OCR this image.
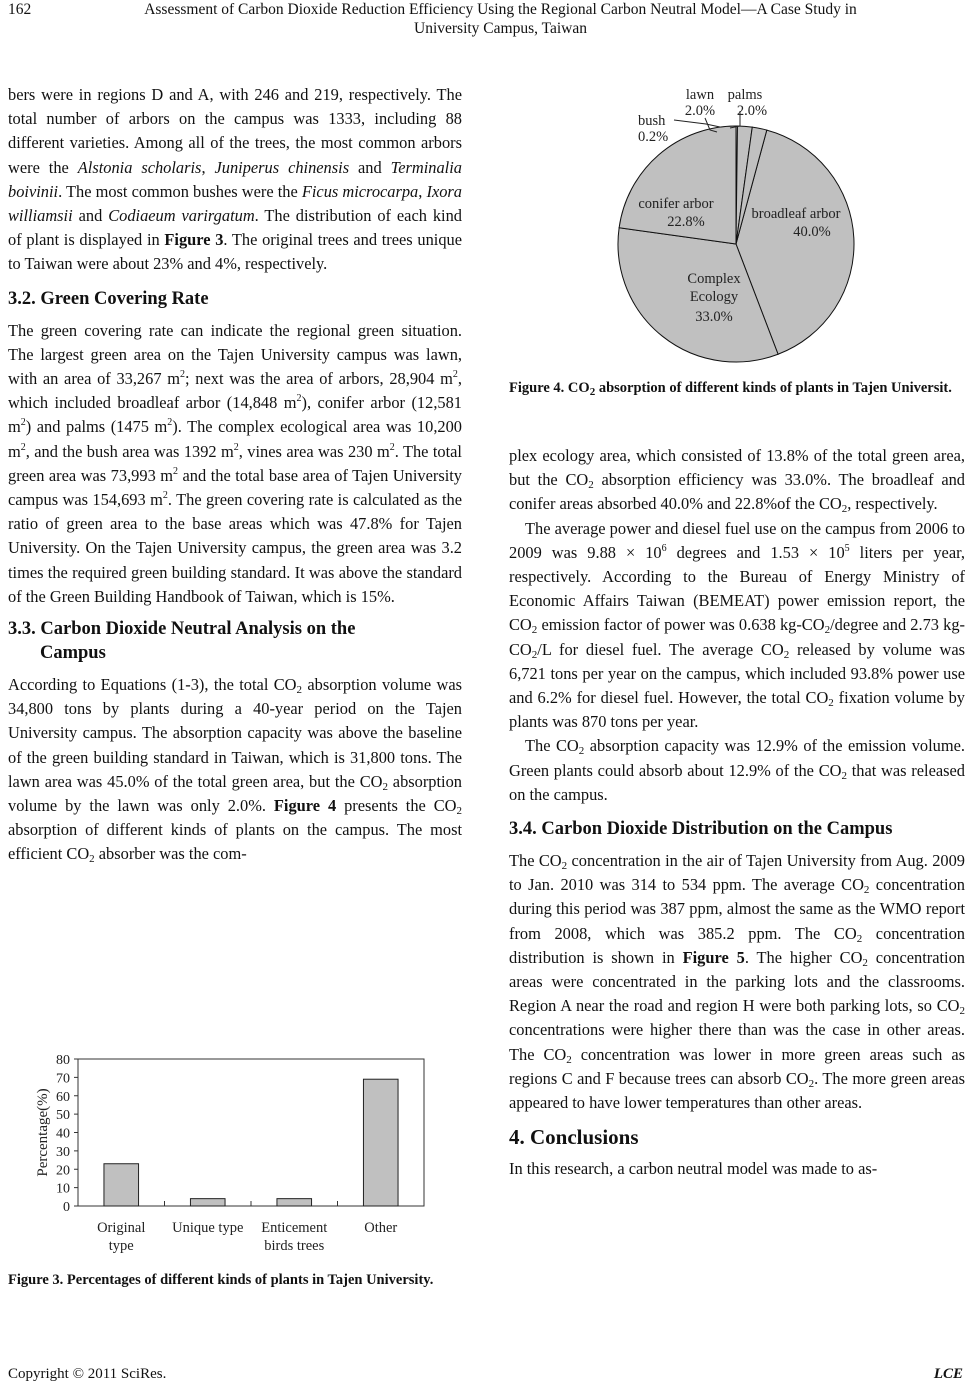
162	Assessment of Carbon Dioxide Reduction Efficiency Using the Regional Carbon Neutral Model—A Case Study in
University Campus, Taiwan

bers were in regions D and A, with 246 and 219, respectively. The total number of arbors on the campus was 1333, including 88 different varieties. Among all of the trees, the most common arbors were the Alstonia scholaris, Juniperus chinensis and Terminalia boivinii. The most common bushes were the Ficus microcarpa, Ixora williamsii and Codiaeum varirgatum. The distribution of each kind of plant is displayed in Figure 3. The original trees and trees unique to Taiwan were about 23% and 4%, respectively.

3.2. Green Covering Rate

The green covering rate can indicate the regional green situation. The largest green area on the Tajen University campus was lawn, with an area of 33,267 $m^2$; next was the area of arbors, 28,904 $m^2$, which included broadleaf arbor (14,848 $m^2$), conifer arbor (12,581 $m^2$) and palms (1475 $m^2$). The complex ecological area was 10,200 $m^2$, and the bush area was 1392 $m^2$, vines area was 230 $m^2$. The total green area was 73,993 $m^2$ and the total base area of Tajen University campus was 154,693 $m^2$. The green covering rate is calculated as the ratio of green area to the base areas which was 47.8% for Tajen University. On the Tajen University campus, the green area was 3.2 times the required green building standard. It was above the standard of the Green Building Handbook of Taiwan, which is 15%.

3.3. Carbon Dioxide Neutral Analysis on the
Campus

According to Equations (1-3), the total $CO_2$ absorption volume was 34,800 tons by plants during a 40-year period on the Tajen University campus. The absorption capacity was above the baseline of the green building standard in Taiwan, which is 31,800 tons. The lawn area was 45.0% of the total green area, but the $CO_2$ absorption volume by the lawn was only 2.0%. Figure 4 presents the $CO_2$ absorption of different kinds of plants on the campus. The most efficient $CO_2$ absorber was the com-

0
10
20
30
40
50
60
70
80
Percentage(%)
Original
type
Unique type Enticement
birds trees
Other
Figure 3. Percentages of different kinds of plants in Tajen University.
broadleaf arbor
40.0%
Complex
Ecology
33.0%
conifer arbor
22.8%
bush
0.2%
lawn
2.0%
palms
2.0%
Figure 4. $CO_2$ absorption of different kinds of plants in Tajen Universit.

plex ecology area, which consisted of 13.8% of the total green area, but the $CO_2$ absorption efficiency was 33.0%. The broadleaf and conifer areas absorbed 40.0% and 22.8%of the $CO_2$, respectively.

The average power and diesel fuel use on the campus from 2006 to 2009 was $9.88 \times 10^6$ degrees and $1.53 \times 10^5$ liters per year, respectively. According to the Bureau of Energy Ministry of Economic Affairs Taiwan (BEMEAT) power emission report, the $CO_2$ emission factor of power was 0.638 $kg-CO_2$/degree and 2.73 $kg-CO_2/L$ for diesel fuel. The average $CO_2$ released by volume was 6,721 tons per year on the campus, which included 93.8% power use and 6.2% for diesel fuel. However, the total $CO_2$ fixation volume by plants was 870 tons per year.

The $CO_2$ absorption capacity was 12.9% of the emission volume. Green plants could absorb about 12.9% of the $CO_2$ that was released on the campus.

3.4. Carbon Dioxide Distribution on the Campus

The $CO_2$ concentration in the air of Tajen University from Aug. 2009 to Jan. 2010 was 314 to 534 ppm. The average $CO_2$ concentration during this period was 387 ppm, almost the same as the WMO report from 2008, which was 385.2 ppm. The $CO_2$ concentration distribution is shown in Figure 5. The higher $CO_2$ concentration areas were concentrated in the parking lots and the classrooms. Region A near the road and region H were both parking lots, so $CO_2$ concentrations were higher there than was the case in other areas. The $CO_2$ concentration was lower in more green areas such as regions C and F because trees can absorb $CO_2$. The more green areas appeared to have lower temperatures than other areas.

4. Conclusions

In this research, a carbon neutral model was made to as-

Copyright © 2011 SciRes.	LCE
